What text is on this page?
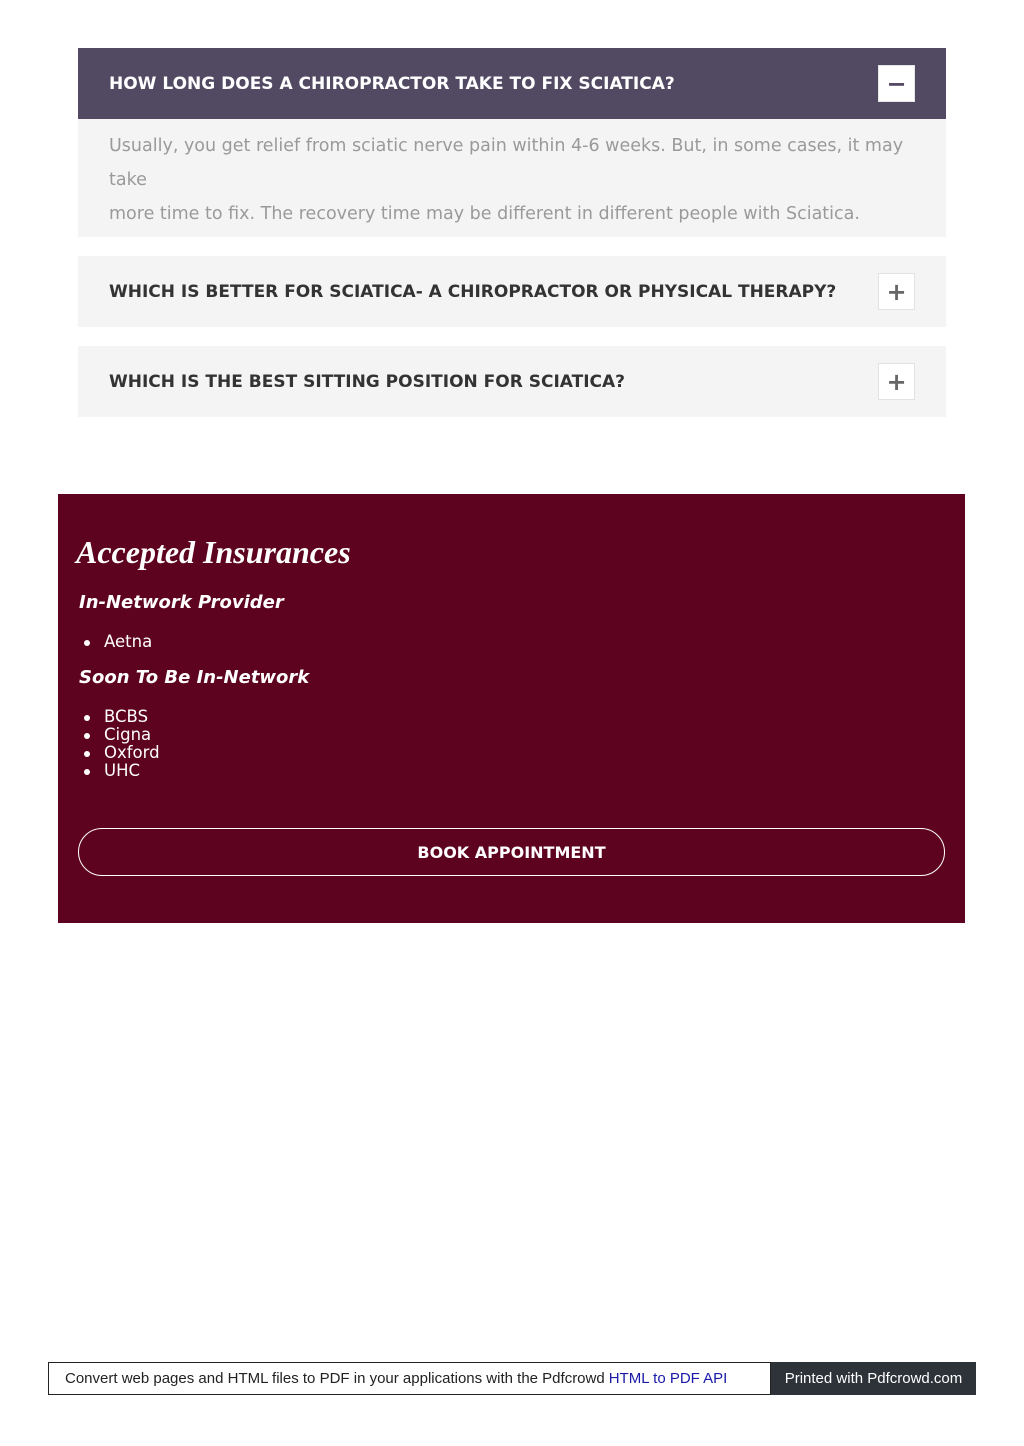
HOW LONG DOES A CHIROPRACTOR TAKE TO FIX SCIATICA?	−
Usually, you get relief from sciatic nerve pain within 4-6 weeks. But, in some cases, it may take
more time to fix. The recovery time may be different in different people with Sciatica.
WHICH IS BETTER FOR SCIATICA- A CHIROPRACTOR OR PHYSICAL THERAPY?	+
WHICH IS THE BEST SITTING POSITION FOR SCIATICA?	+
Accepted Insurances
In-Network Provider
Aetna
Soon To Be In-Network
BCBS
Cigna
Oxford
UHC
BOOK APPOINTMENT
Convert web pages and HTML files to PDF in your applications with the Pdfcrowd HTML to PDF API	Printed with Pdfcrowd.com
